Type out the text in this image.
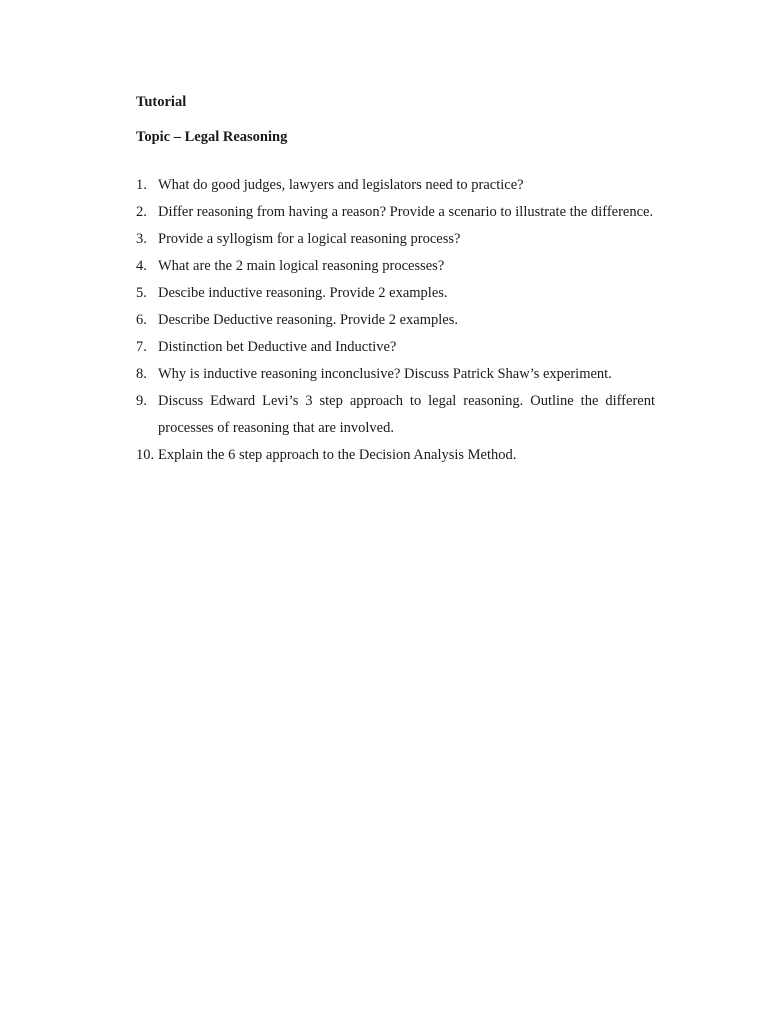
Tutorial

Topic – Legal Reasoning

1. What do good judges, lawyers and legislators need to practice?
2. Differ reasoning from having a reason? Provide a scenario to illustrate the difference.
3. Provide a syllogism for a logical reasoning process?
4. What are the 2 main logical reasoning processes?
5. Descibe inductive reasoning. Provide 2 examples.
6. Describe Deductive reasoning. Provide 2 examples.
7. Distinction bet Deductive and Inductive?
8. Why is inductive reasoning inconclusive? Discuss Patrick Shaw’s experiment.
9. Discuss Edward Levi’s 3 step approach to legal reasoning. Outline the different processes of reasoning that are involved.
10. Explain the 6 step approach to the Decision Analysis Method.
